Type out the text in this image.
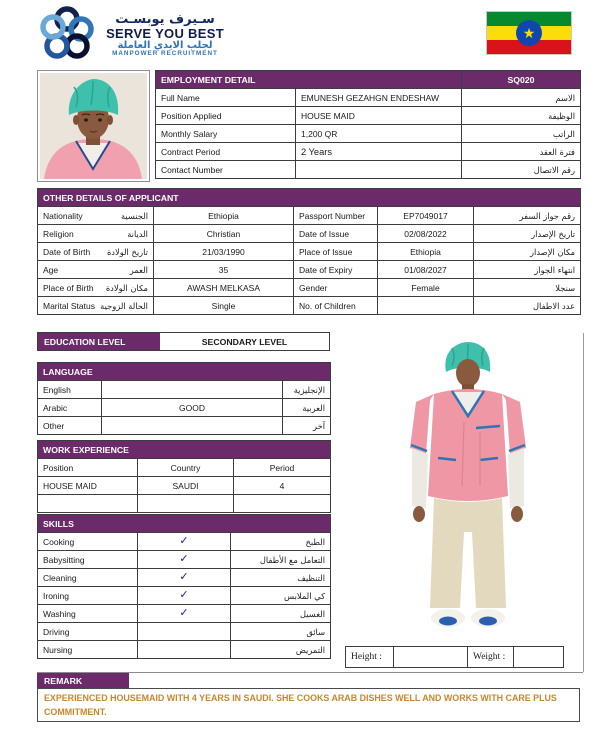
سـيرف يوبسـت
SERVE YOU BEST
لجلب الايدي العاملة
MANPOWER RECRUITMENT
★
EMPLOYMENT DETAIL		SQ020
Full Name	EMUNESH GEZAHGN ENDESHAW	الاسم
Position Applied	HOUSE MAID	الوظيفة
Monthly Salary	1,200 QR	الراتب
Contract Period	2 Years	فترة العقد
Contact Number		رقم الاتصال
OTHER DETAILS OF APPLICANT				

Nationality الجنسية	Ethiopia	Passport Number	EP7049017	رقم جواز السفر

Religion الديانة	Christian	Date of Issue	02/08/2022	تاريخ الإصدار

Date of Birth تاريخ الولادة	21/03/1990	Place of Issue	Ethiopia	مكان الإصدار

Age العمر	35	Date of Expiry	01/08/2027	انتهاء الجواز

Place of Birth مكان الولادة	AWASH MELKASA	Gender	Female	سنجلا

Marital Status الحالة الزوجية	Single	No. of Children		عدد الاطفال
EDUCATION LEVEL	SECONDARY LEVEL
LANGUAGE		
English		الإنجليزية
Arabic	GOOD	العربية
Other		آخر
WORK EXPERIENCE		
Position	Country	Period
HOUSE MAID	SAUDI	4

SKILLS		
Cooking	✓	الطبخ
Babysitting	✓	التعامل مع الأطفال
Cleaning	✓	التنظيف
Ironing	✓	كي الملابس
Washing	✓	الغسيل
Driving		سائق
Nursing		التمريض
Height :		Weight :	
REMARK
EXPERIENCED HOUSEMAID WITH 4 YEARS IN SAUDI. SHE COOKS ARAB DISHES WELL AND WORKS WITH CARE PLUS COMMITMENT.
